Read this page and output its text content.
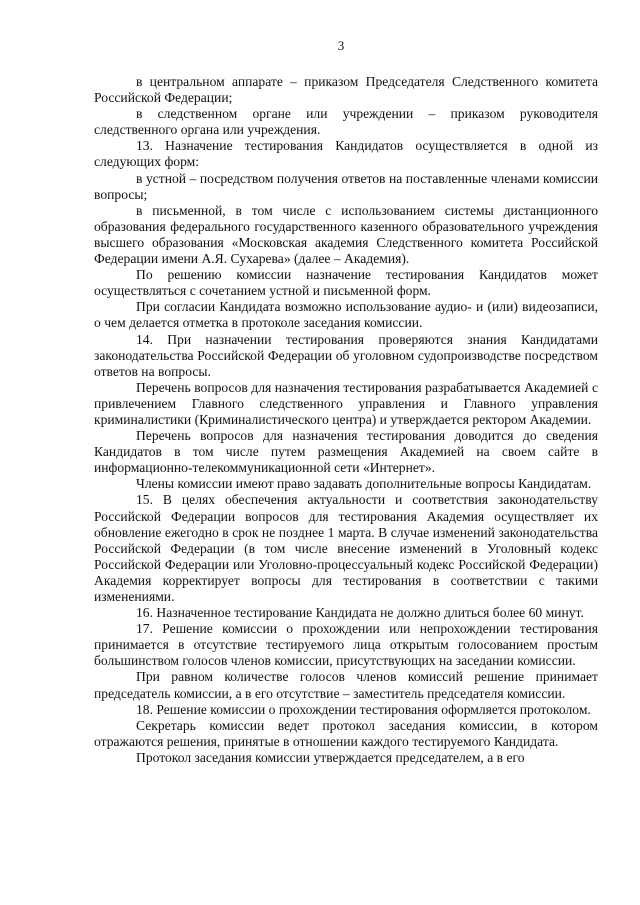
3

в центральном аппарате – приказом Председателя Следственного комитета Российской Федерации;

в следственном органе или учреждении – приказом руководителя следственного органа или учреждения.

13. Назначение тестирования Кандидатов осуществляется в одной из следующих форм:

в устной – посредством получения ответов на поставленные членами комиссии вопросы;

в письменной, в том числе с использованием системы дистанционного образования федерального государственного казенного образовательного учреждения высшего образования «Московская академия Следственного комитета Российской Федерации имени А.Я. Сухарева» (далее – Академия).

По решению комиссии назначение тестирования Кандидатов может осуществляться с сочетанием устной и письменной форм.

При согласии Кандидата возможно использование аудио- и (или) видеозаписи, о чем делается отметка в протоколе заседания комиссии.

14. При назначении тестирования проверяются знания Кандидатами законодательства Российской Федерации об уголовном судопроизводстве посредством ответов на вопросы.

Перечень вопросов для назначения тестирования разрабатывается Академией с привлечением Главного следственного управления и Главного управления криминалистики (Криминалистического центра) и утверждается ректором Академии.

Перечень вопросов для назначения тестирования доводится до сведения Кандидатов в том числе путем размещения Академией на своем сайте в информационно-телекоммуникационной сети «Интернет».

Члены комиссии имеют право задавать дополнительные вопросы Кандидатам.

15. В целях обеспечения актуальности и соответствия законодательству Российской Федерации вопросов для тестирования Академия осуществляет их обновление ежегодно в срок не позднее 1 марта. В случае изменений законодательства Российской Федерации (в том числе внесение изменений в Уголовный кодекс Российской Федерации или Уголовно-процессуальный кодекс Российской Федерации) Академия корректирует вопросы для тестирования в соответствии с такими изменениями.

16. Назначенное тестирование Кандидата не должно длиться более 60 минут.

17. Решение комиссии о прохождении или непрохождении тестирования принимается в отсутствие тестируемого лица открытым голосованием простым большинством голосов членов комиссии, присутствующих на заседании комиссии.

При равном количестве голосов членов комиссий решение принимает председатель комиссии, а в его отсутствие – заместитель председателя комиссии.

18. Решение комиссии о прохождении тестирования оформляется протоколом.

Секретарь комиссии ведет протокол заседания комиссии, в котором отражаются решения, принятые в отношении каждого тестируемого Кандидата.

Протокол заседания комиссии утверждается председателем, а в его
